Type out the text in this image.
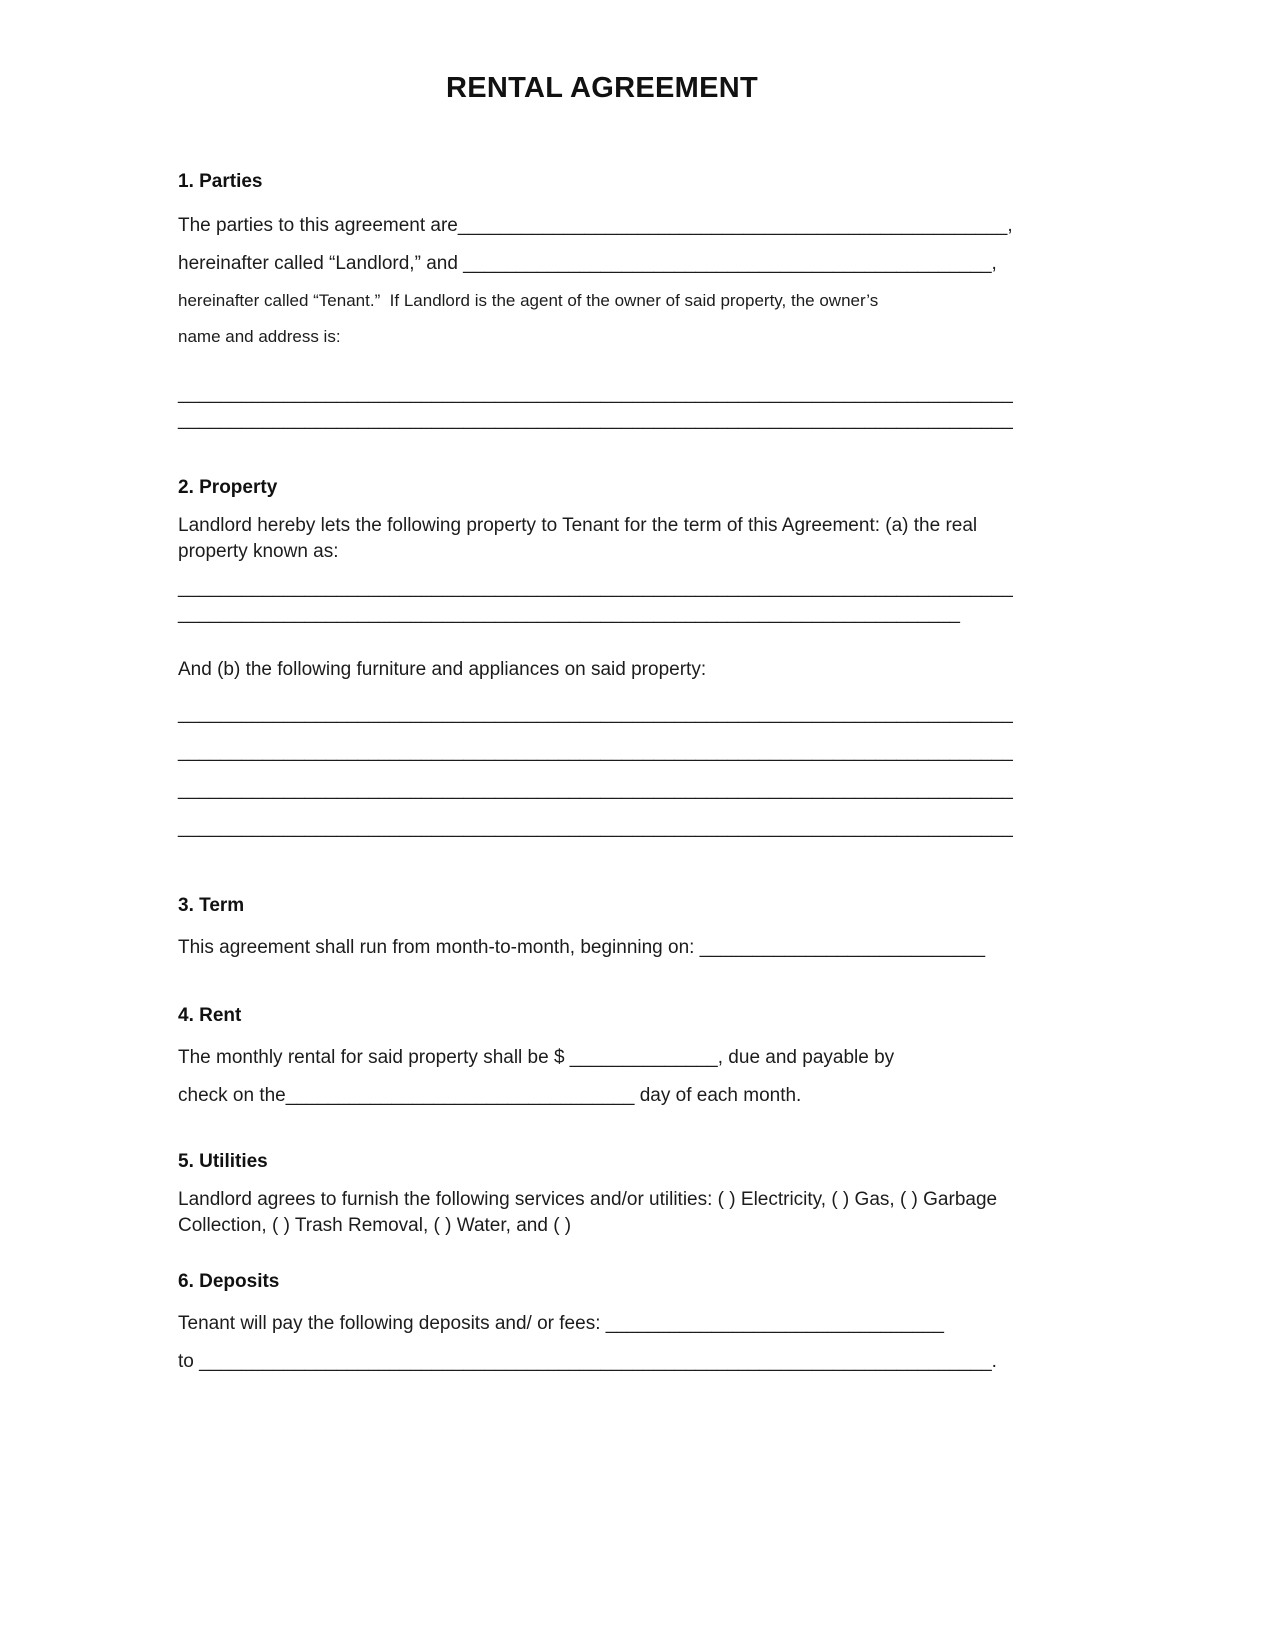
RENTAL AGREEMENT
1. Parties

The parties to this agreement are____________________________________________________,

hereinafter called “Landlord,” and __________________________________________________,

hereinafter called “Tenant.”  If Landlord is the agent of the owner of said property, the owner’s

name and address is:

_______________________________________________________________________________

_______________________________________________________________________________

2. Property

Landlord hereby lets the following property to Tenant for the term of this Agreement: (a) the real property known as:

_______________________________________________________________________________

__________________________________________________________________________

And (b) the following furniture and appliances on said property:

_______________________________________________________________________________

_______________________________________________________________________________

_______________________________________________________________________________

_______________________________________________________________________________

3. Term

This agreement shall run from month-to-month, beginning on: ___________________________

4. Rent

The monthly rental for said property shall be $ ______________, due and payable by

check on the_________________________________ day of each month.

5. Utilities

Landlord agrees to furnish the following services and/or utilities: ( ) Electricity, ( ) Gas, ( ) Garbage Collection, ( ) Trash Removal, ( ) Water, and ( )

6. Deposits

Tenant will pay the following deposits and/ or fees: ________________________________

to ___________________________________________________________________________.
